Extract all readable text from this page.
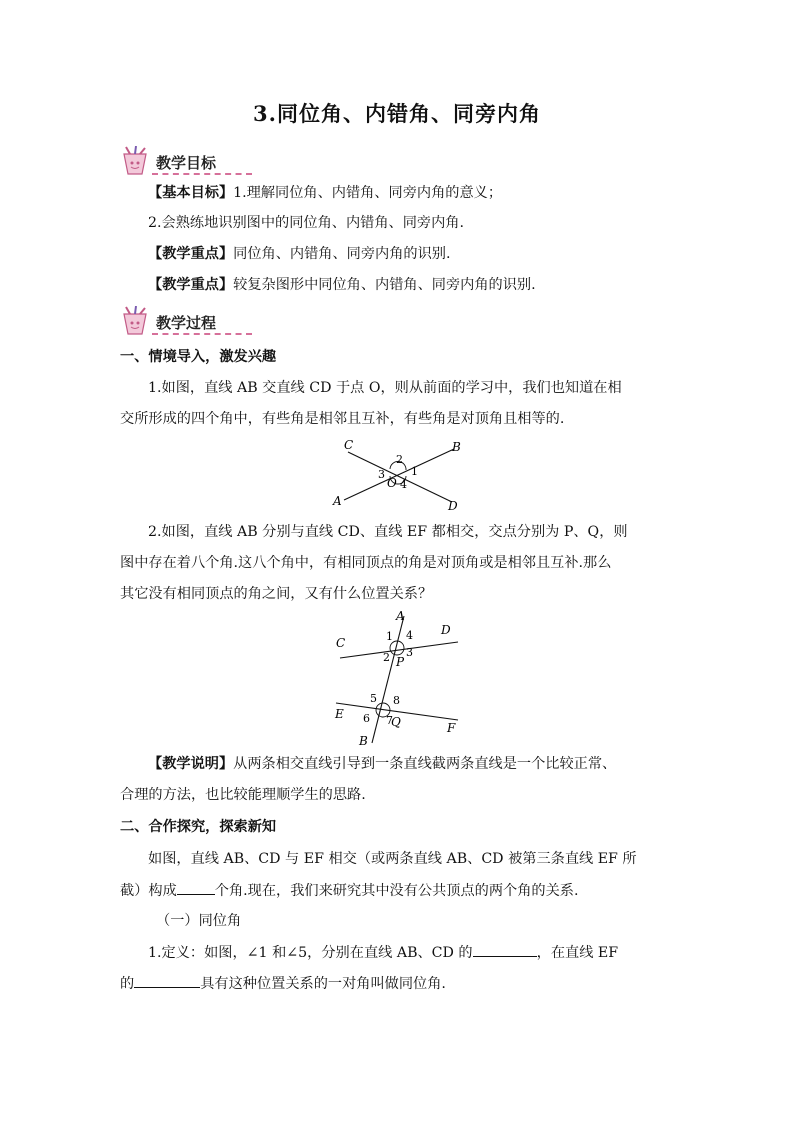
3.同位角、内错角、同旁内角
教学目标
【基本目标】1.理解同位角、内错角、同旁内角的意义；
2.会熟练地识别图中的同位角、内错角、同旁内角.
【教学重点】同位角、内错角、同旁内角的识别.
【教学重点】较复杂图形中同位角、内错角、同旁内角的识别.
教学过程
一、情境导入，激发兴趣
1.如图，直线 AB 交直线 CD 于点 O，则从前面的学习中，我们也知道在相
交所形成的四个角中，有些角是相邻且互补，有些角是对顶角且相等的.
C	B
A	D
O
1
2
3
4
2.如图，直线 AB 分别与直线 CD、直线 EF 都相交，交点分别为 P、Q，则
图中存在着八个角.这八个角中，有相同顶点的角是对顶角或是相邻且互补.那么
其它没有相同顶点的角之间，又有什么位置关系？
A
B
C
D
E
F
P
Q
1
2 3
4
5
6 7
8
【教学说明】从两条相交直线引导到一条直线截两条直线是一个比较正常、
合理的方法，也比较能理顺学生的思路.
二、合作探究，探索新知
如图，直线 AB、CD 与 EF 相交（或两条直线 AB、CD 被第三条直线 EF 所
截）构成	个角.现在，我们来研究其中没有公共顶点的两个角的关系.
（一）同位角
1.定义：如图，∠1 和∠5，分别在直线 AB、CD 的	，在直线 EF
的	具有这种位置关系的一对角叫做同位角.
